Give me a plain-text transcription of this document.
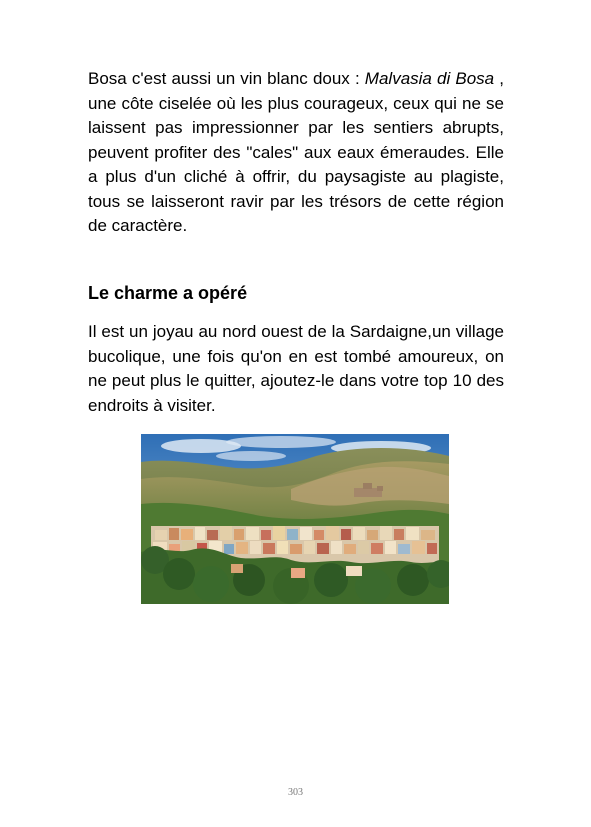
Bosa c'est aussi un vin blanc doux : Malvasia di Bosa , une côte ciselée où les plus courageux, ceux qui ne se laissent pas impressionner par les sentiers abrupts, peuvent profiter des "cales" aux eaux émeraudes. Elle a plus d'un cliché à offrir, du paysagiste au plagiste, tous se laisseront ravir par les trésors de cette région de caractère.

Le charme a opéré

Il est un joyau au nord ouest de la Sardaigne,un village bucolique, une fois qu'on en est tombé amoureux, on ne peut plus le quitter, ajoutez-le dans votre top 10 des endroits à visiter.

303
